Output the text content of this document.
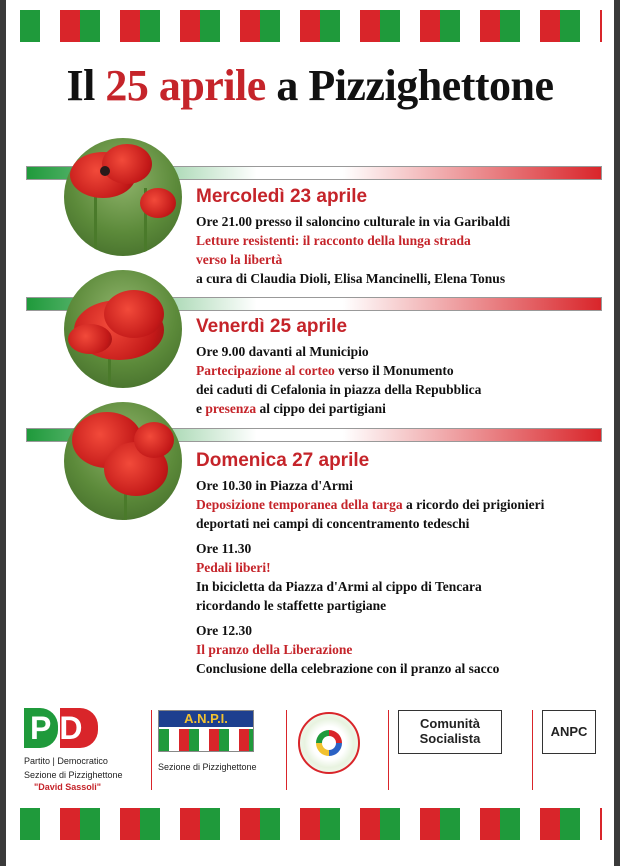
Il 25 aprile a Pizzighettone

Mercoledì 23 aprile

Ore 21.00 presso il saloncino culturale in via Garibaldi

Letture resistenti: il racconto della lunga strada

verso la libertà

a cura di Claudia Dioli, Elisa Mancinelli, Elena Tonus

Venerdì 25 aprile

Ore 9.00 davanti al Municipio

Partecipazione al corteo verso il Monumento

dei caduti di Cefalonia in piazza della Repubblica

e presenza al cippo dei partigiani

Domenica 27 aprile

Ore 10.30 in Piazza d'Armi

Deposizione temporanea della targa a ricordo dei prigionieri

deportati nei campi di concentramento tedeschi

Ore 11.30

Pedali liberi!

In bicicletta da Piazza d'Armi al cippo di Tencara

ricordando le staffette partigiane

Ore 12.30

Il pranzo della Liberazione

Conclusione della celebrazione con il pranzo al sacco

PD
Partito | Democratico
Sezione di Pizzighettone
"David Sassoli"
A.N.P.I.
Sezione di Pizzighettone
Comunità
Socialista	ANPC
